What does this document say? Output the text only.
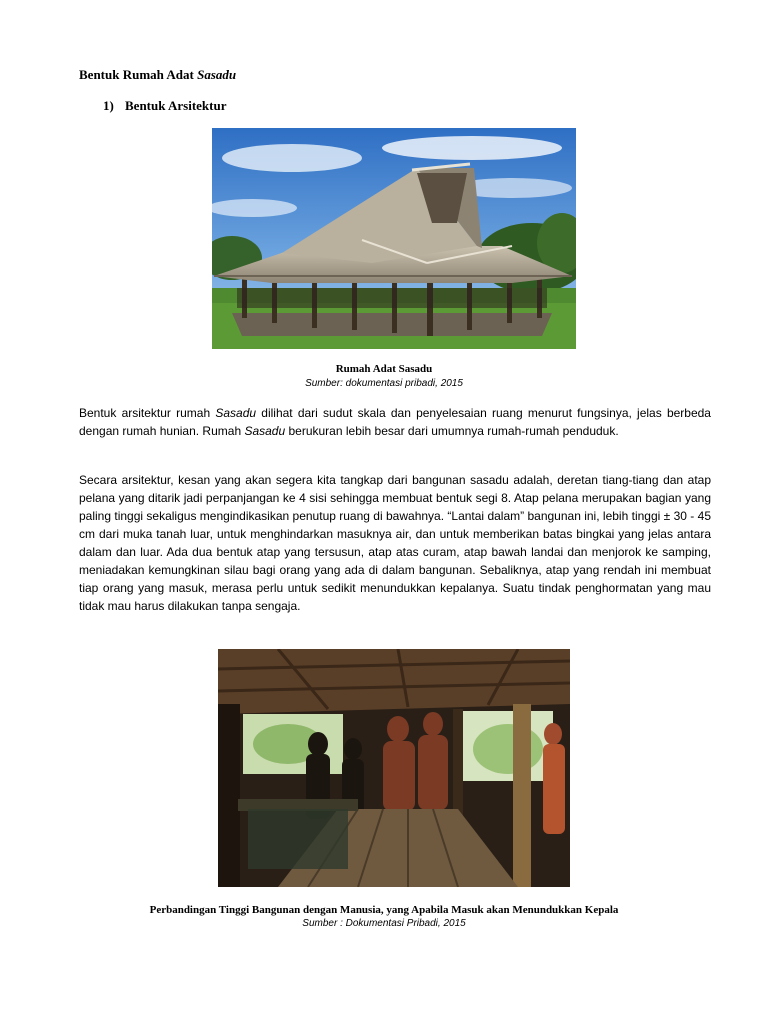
Bentuk Rumah Adat Sasadu
1) Bentuk Arsitektur
Rumah Adat Sasadu
Sumber: dokumentasi pribadi, 2015
Bentuk arsitektur rumah Sasadu dilihat dari sudut skala dan penyelesaian ruang menurut fungsinya, jelas berbeda dengan rumah hunian. Rumah Sasadu berukuran lebih besar dari umumnya rumah-rumah penduduk.
Secara arsitektur, kesan yang akan segera kita tangkap dari bangunan sasadu adalah, deretan tiang-tiang dan atap pelana yang ditarik jadi perpanjangan ke 4 sisi sehingga membuat bentuk segi 8. Atap pelana merupakan bagian yang paling tinggi sekaligus mengindikasikan penutup ruang di bawahnya. “Lantai dalam” bangunan ini, lebih tinggi ± 30 - 45 cm dari muka tanah luar, untuk menghindarkan masuknya air, dan untuk memberikan batas bingkai yang jelas antara dalam dan luar. Ada dua bentuk atap yang tersusun, atap atas curam, atap bawah landai dan menjorok ke samping, meniadakan kemungkinan silau bagi orang yang ada di dalam bangunan. Sebaliknya, atap yang rendah ini membuat tiap orang yang masuk, merasa perlu untuk sedikit menundukkan kepalanya. Suatu tindak penghormatan yang mau tidak mau harus dilakukan tanpa sengaja.
Perbandingan Tinggi Bangunan dengan Manusia, yang Apabila Masuk akan Menundukkan Kepala
Sumber : Dokumentasi Pribadi, 2015
